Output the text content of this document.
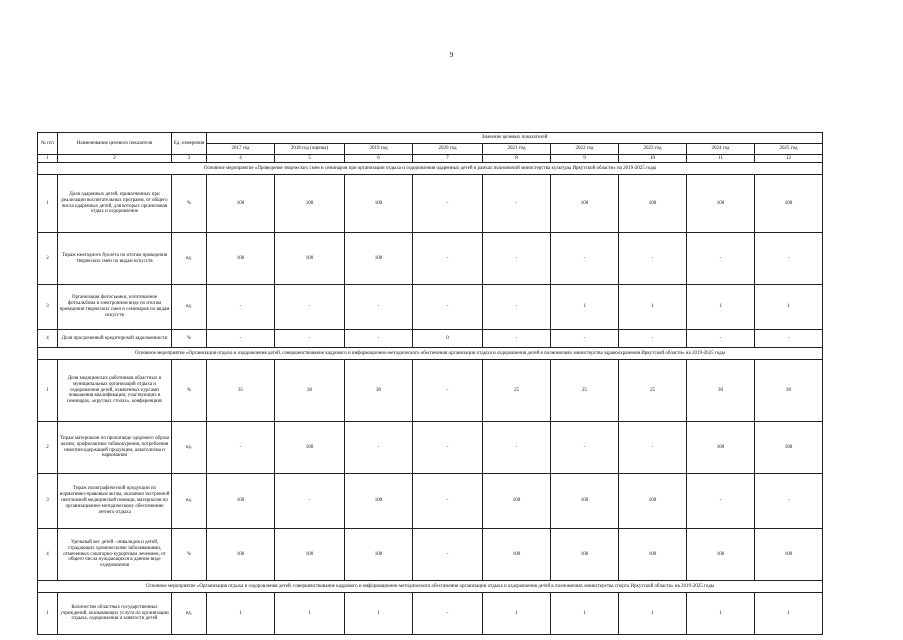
9
№ п/п	Наименование целевого показателя	Ед. измерения	Значение целевых показателей								
			2017 год	2018 год (оценка)	2019 год	2020 год	2021 год	2022 год	2023 год	2024 год	2025 год
1	2	3	4	5	6	7	8	9	10	11	12
Основное мероприятие «Проведение творческих смен и семинаров при организации отдыха и оздоровления одаренных детей в рамках полномочий министерства культуры Иркутской области» на 2019-2025 годы											
1	Доля одаренных детей, привлеченных при реализации воспитательных программ, от общего числа одаренных детей, для которых организован отдых и оздоровление	%	100	100	100	-	-	100	100	100	100
2	Тираж ежегодного буклета по итогам проведения творческих смен по видам искусств	ед.	100	100	100	-	-	-	-	-	-
3	Организация фотосъемки, изготовление фотоальбома в электронном виде по итогам проведения творческих смен и семинаров по видам искусств	ед.	-	-	-	-	-	1	1	1	1
4	Доля просроченной кредиторской задолженности	%	-	-	-	0	-	-	-	-	-
Основное мероприятие «Организация отдыха и оздоровления детей, совершенствование кадрового и информационно-методического обеспечения организации отдыха и оздоровления детей в полномочиях министерства здравоохранения Иркутской области» на 2019-2025 годы											
1	Доля медицинских работников областных и муниципальных организаций отдыха и оздоровления детей, охваченных курсами повышения квалификации, участвующих в семинарах, «круглых столах», конференциях	%	35	30	30	-	25	25	25	30	30
2	Тираж материалов по пропаганде здорового образа жизни, профилактике табакокурения, потребления никотинсодержащей продукции, алкоголизма и наркомании	ед.	-	100	-	-	-	-	-	100	100
3	Тираж полиграфической продукции по нормативно-правовым актам, оказанию экстренной неотложной медицинской помощи, материалов по организационно-методическому обеспечению летнего отдыха	ед.	100	-	100	-	100	100	100	-	-
4	Удельный вес детей - инвалидов и детей, страдающих хроническими заболеваниями, отмеченных санаторно-курортным лечением, от общего числа нуждающихся в данном виде оздоровления	%	100	100	100	-	100	100	100	100	100
Основное мероприятие «Организация отдыха и оздоровления детей, совершенствование кадрового и информационно-методического обеспечения организации отдыха и оздоровления детей в полномочиях министерства спорта Иркутской области» на 2019-2025 годы											
1	Количество областных государственных учреждений, оказывающих услуги по организации отдыха, оздоровления и занятости детей	ед.	1	1	1	-	1	1	1	1	1
